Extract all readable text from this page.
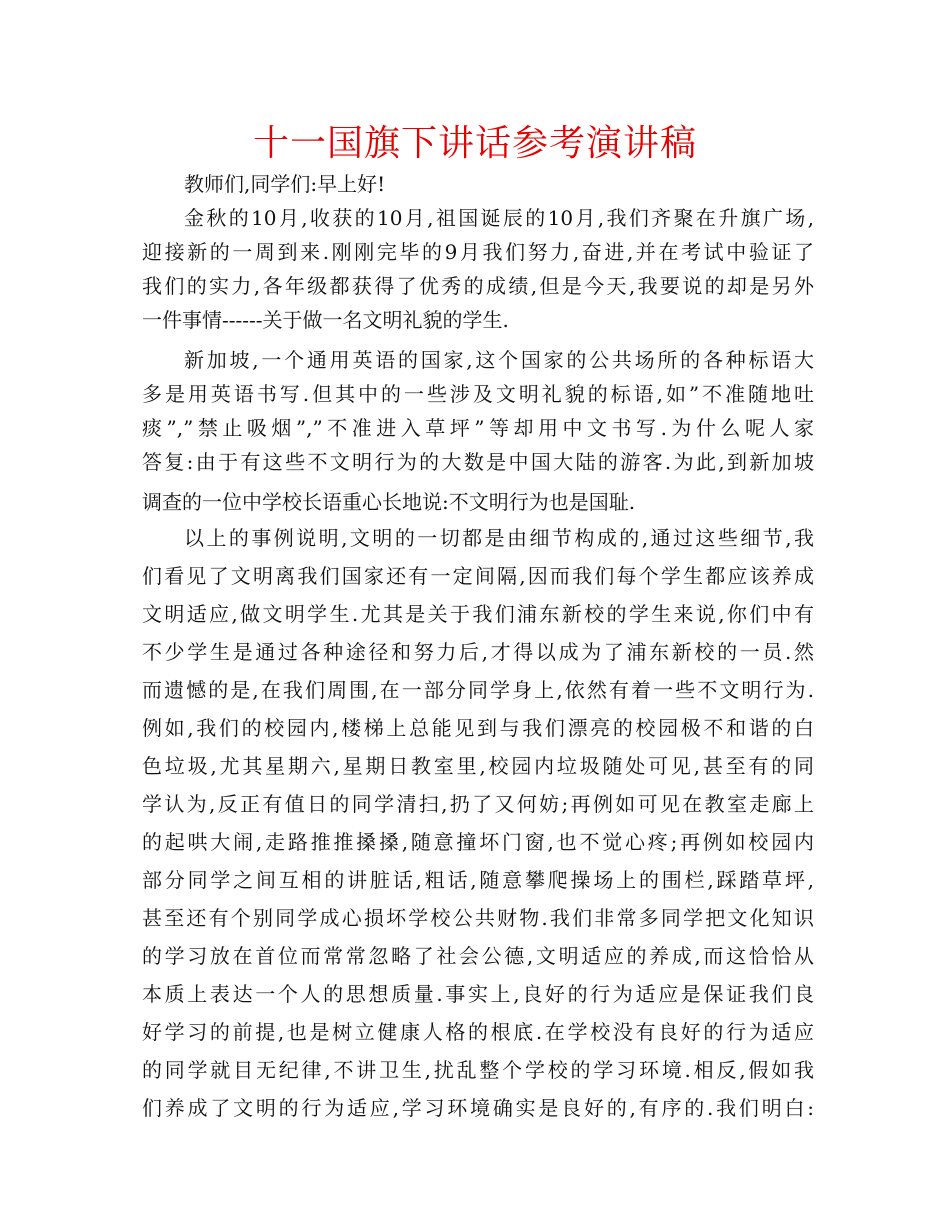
十一国旗下讲话参考演讲稿

教师们,同学们:早上好!

金秋的10月,收获的10月,祖国诞辰的10月,我们齐聚在升旗广场,

迎接新的一周到来.刚刚完毕的9月我们努力,奋进,并在考试中验证了

我们的实力,各年级都获得了优秀的成绩,但是今天,我要说的却是另外

一件事情------关于做一名文明礼貌的学生.

新加坡,一个通用英语的国家,这个国家的公共场所的各种标语大

多是用英语书写.但其中的一些涉及文明礼貌的标语,如”不准随地吐

痰”,”禁止吸烟”,”不准进入草坪”等却用中文书写.为什么呢人家

答复:由于有这些不文明行为的大数是中国大陆的游客.为此,到新加坡

调查的一位中学校长语重心长地说:不文明行为也是国耻.

以上的事例说明,文明的一切都是由细节构成的,通过这些细节,我

们看见了文明离我们国家还有一定间隔,因而我们每个学生都应该养成

文明适应,做文明学生.尤其是关于我们浦东新校的学生来说,你们中有

不少学生是通过各种途径和努力后,才得以成为了浦东新校的一员.然

而遗憾的是,在我们周围,在一部分同学身上,依然有着一些不文明行为.

例如,我们的校园内,楼梯上总能见到与我们漂亮的校园极不和谐的白

色垃圾,尤其星期六,星期日教室里,校园内垃圾随处可见,甚至有的同

学认为,反正有值日的同学清扫,扔了又何妨;再例如可见在教室走廊上

的起哄大闹,走路推推搡搡,随意撞坏门窗,也不觉心疼;再例如校园内

部分同学之间互相的讲脏话,粗话,随意攀爬操场上的围栏,踩踏草坪,

甚至还有个别同学成心损坏学校公共财物.我们非常多同学把文化知识

的学习放在首位而常常忽略了社会公德,文明适应的养成,而这恰恰从

本质上表达一个人的思想质量.事实上,良好的行为适应是保证我们良

好学习的前提,也是树立健康人格的根底.在学校没有良好的行为适应

的同学就目无纪律,不讲卫生,扰乱整个学校的学习环境.相反,假如我

们养成了文明的行为适应,学习环境确实是良好的,有序的.我们明白:
